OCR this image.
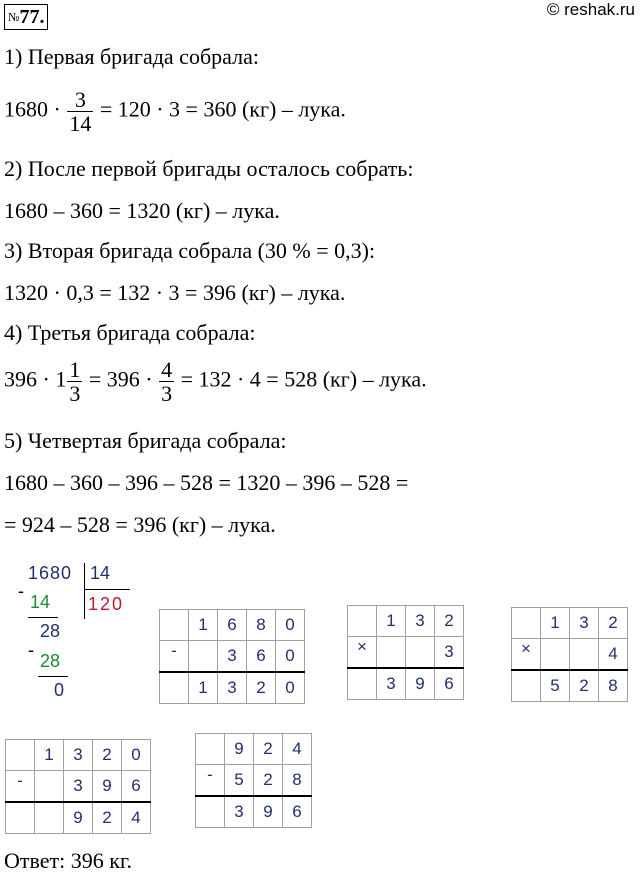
№77.	© reshak.ru
1) Первая бригада собрала:
$1680 \cdot \frac{3}{14} = 120 \cdot 3 = 360$ (кг) – лука.
2) После первой бригады осталось собрать:
1680 – 360 = 1320 (кг) – лука.
3) Вторая бригада собрала (30 % = 0,3):
1320 · 0,3 = 132 · 3 = 396 (кг) – лука.
4) Третья бригада собрала:
$396 \cdot 1 \frac{1}{3} = 396 \cdot \frac{4}{3} = 132 \cdot 4 = 528$ (кг) – лука.
5) Четвертая бригада собрала:
1680 – 360 – 396 – 528 = 1320 – 396 – 528 =
= 924 – 528 = 396 (кг) – лука.
1680 14
120
-
14
28
-
28
0
	1	6	8	0
-		3	6	0
	1	3	2	0
	1	3	2
×			3
	3	9	6
	1	3	2
×			4
	5	2	8
	1	3	2	0
-		3	9	6
		9	2	4
	9	2	4
-	5	2	8
	3	9	6
Ответ: 396 кг.
